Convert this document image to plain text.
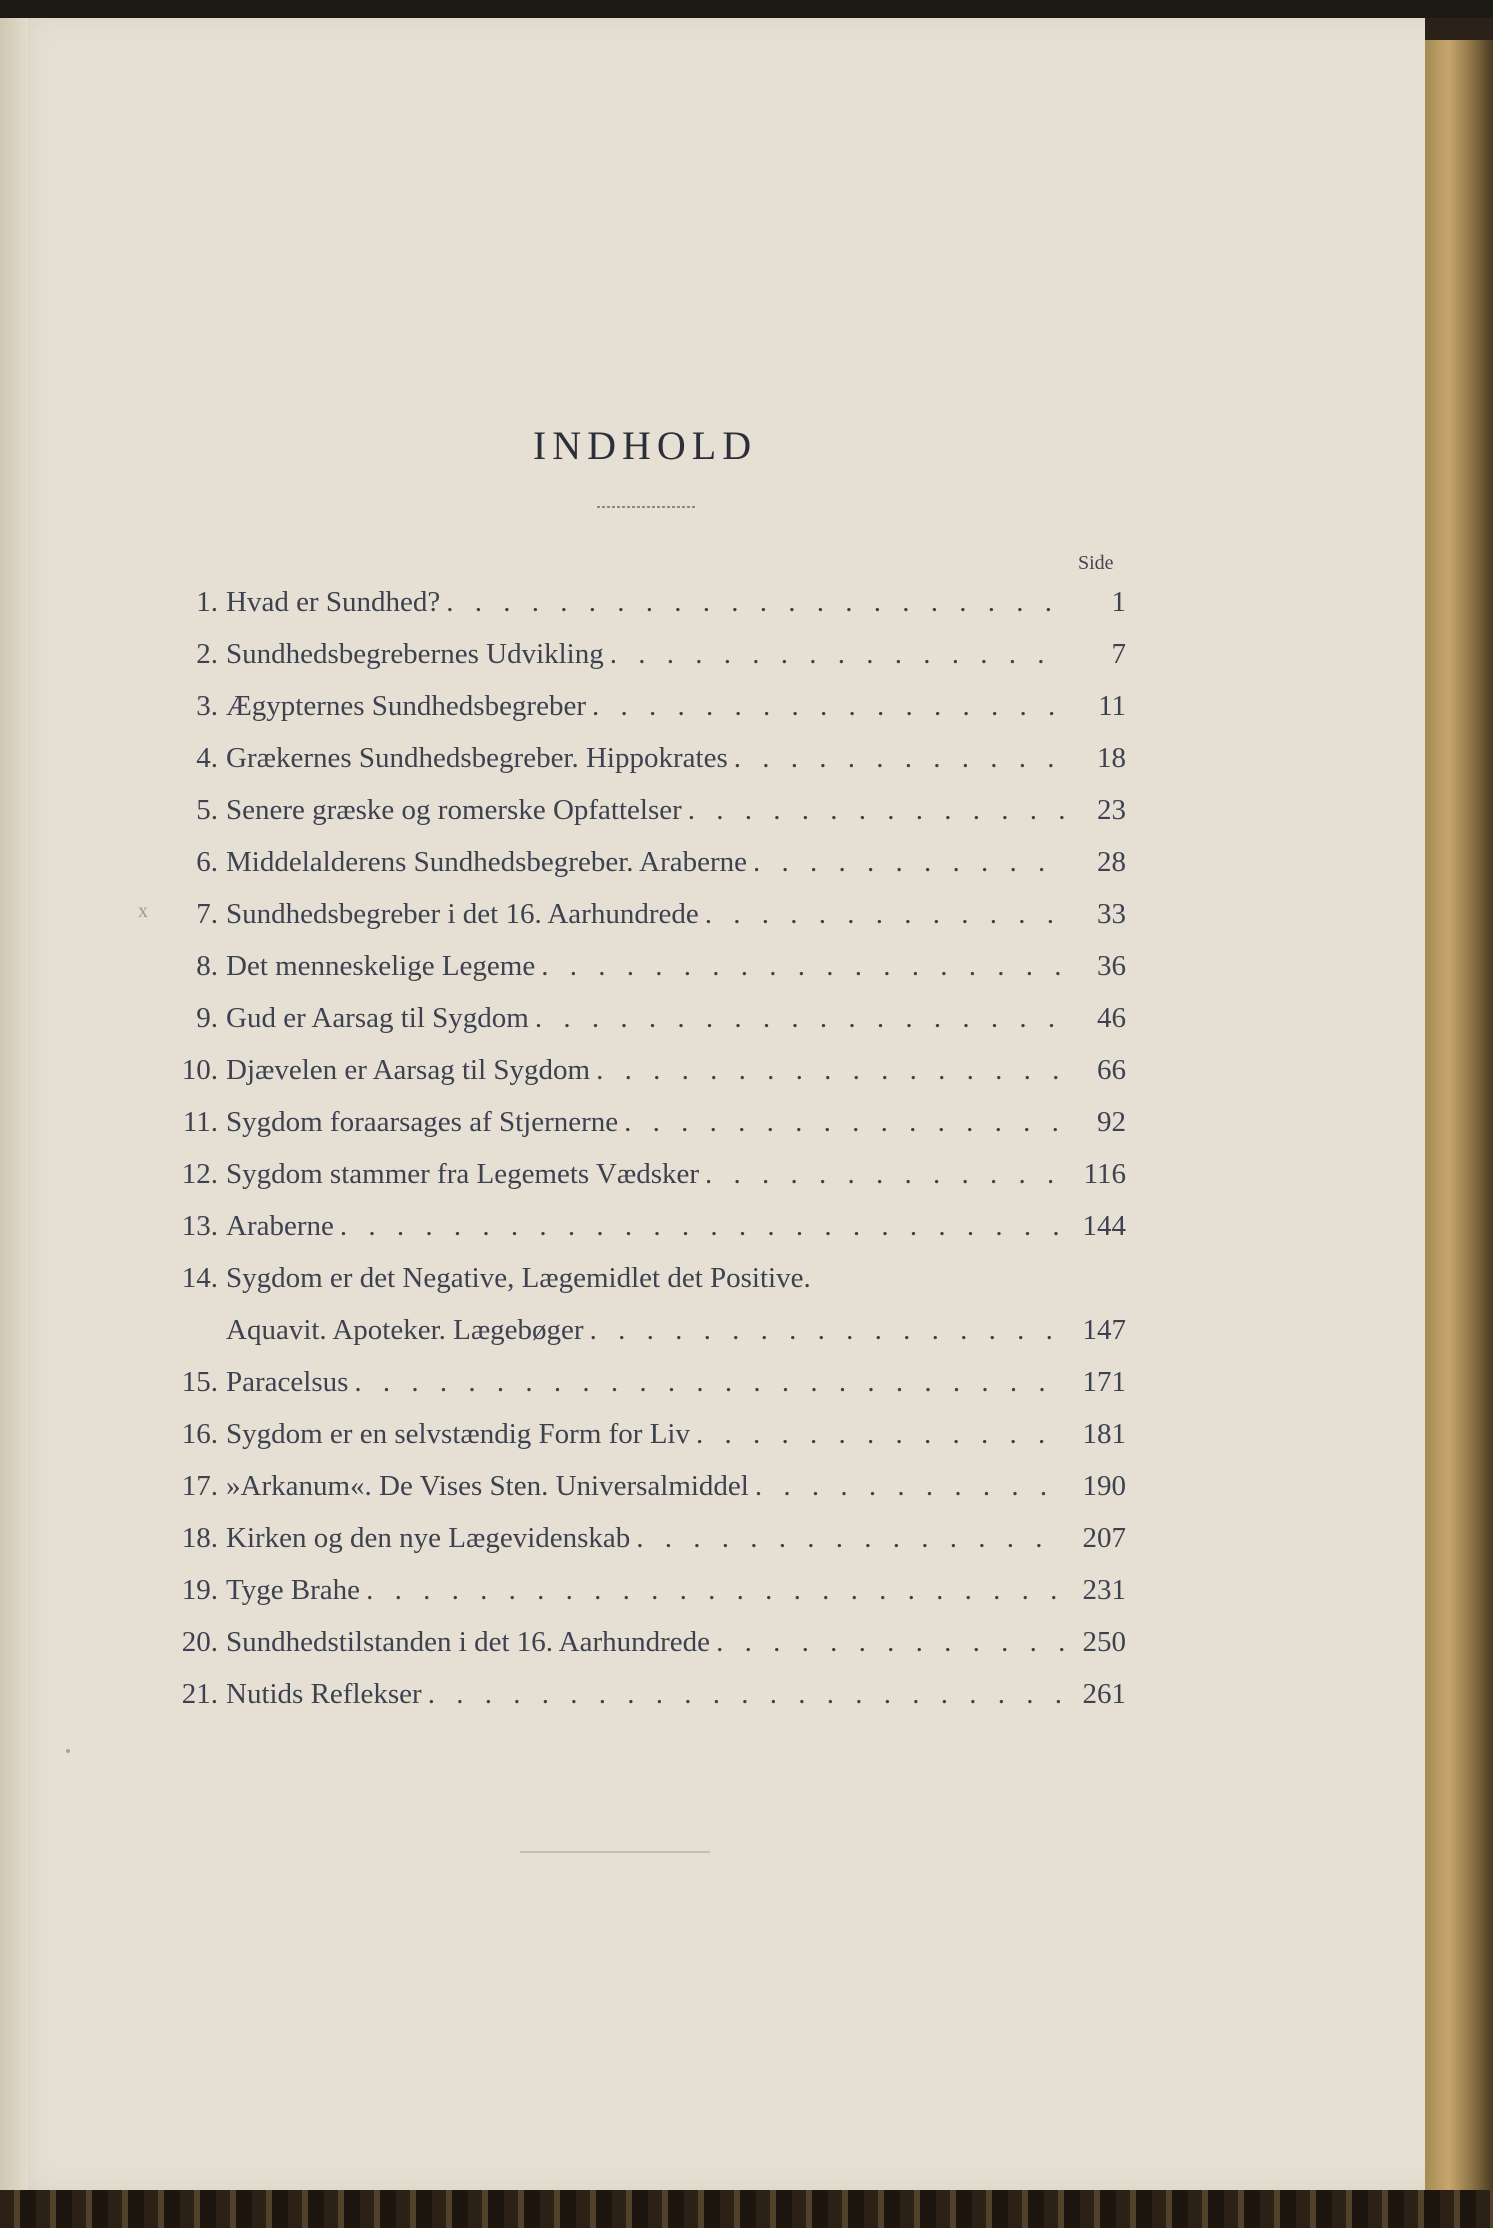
INDHOLD
Side
x
1. Hvad er Sundhed? . . .	1
2. Sundhedsbegrebernes Udvikling . . .	7
3. Ægypternes Sundhedsbegreber . . .	11
4. Grækernes Sundhedsbegreber. Hippokrates . . .	18
5. Senere græske og romerske Opfattelser . . .	23
6. Middelalderens Sundhedsbegreber. Araberne . . .	28
7. Sundhedsbegreber i det 16. Aarhundrede . . .	33
8. Det menneskelige Legeme . . .	36
9. Gud er Aarsag til Sygdom . . .	46
10. Djævelen er Aarsag til Sygdom . . .	66
11. Sygdom foraarsages af Stjernerne . . .	92
12. Sygdom stammer fra Legemets Vædsker . . .	116
13. Araberne . . .	144
14. Sygdom er det Negative, Lægemidlet det Positive.
Aquavit. Apoteker. Lægebøger . . .	147
15. Paracelsus . . .	171
16. Sygdom er en selvstændig Form for Liv . . .	181
17. »Arkanum«. De Vises Sten. Universalmiddel . . .	190
18. Kirken og den nye Lægevidenskab . . .	207
19. Tyge Brahe . . .	231
20. Sundhedstilstanden i det 16. Aarhundrede . . .	250
21. Nutids Reflekser . . .	261
